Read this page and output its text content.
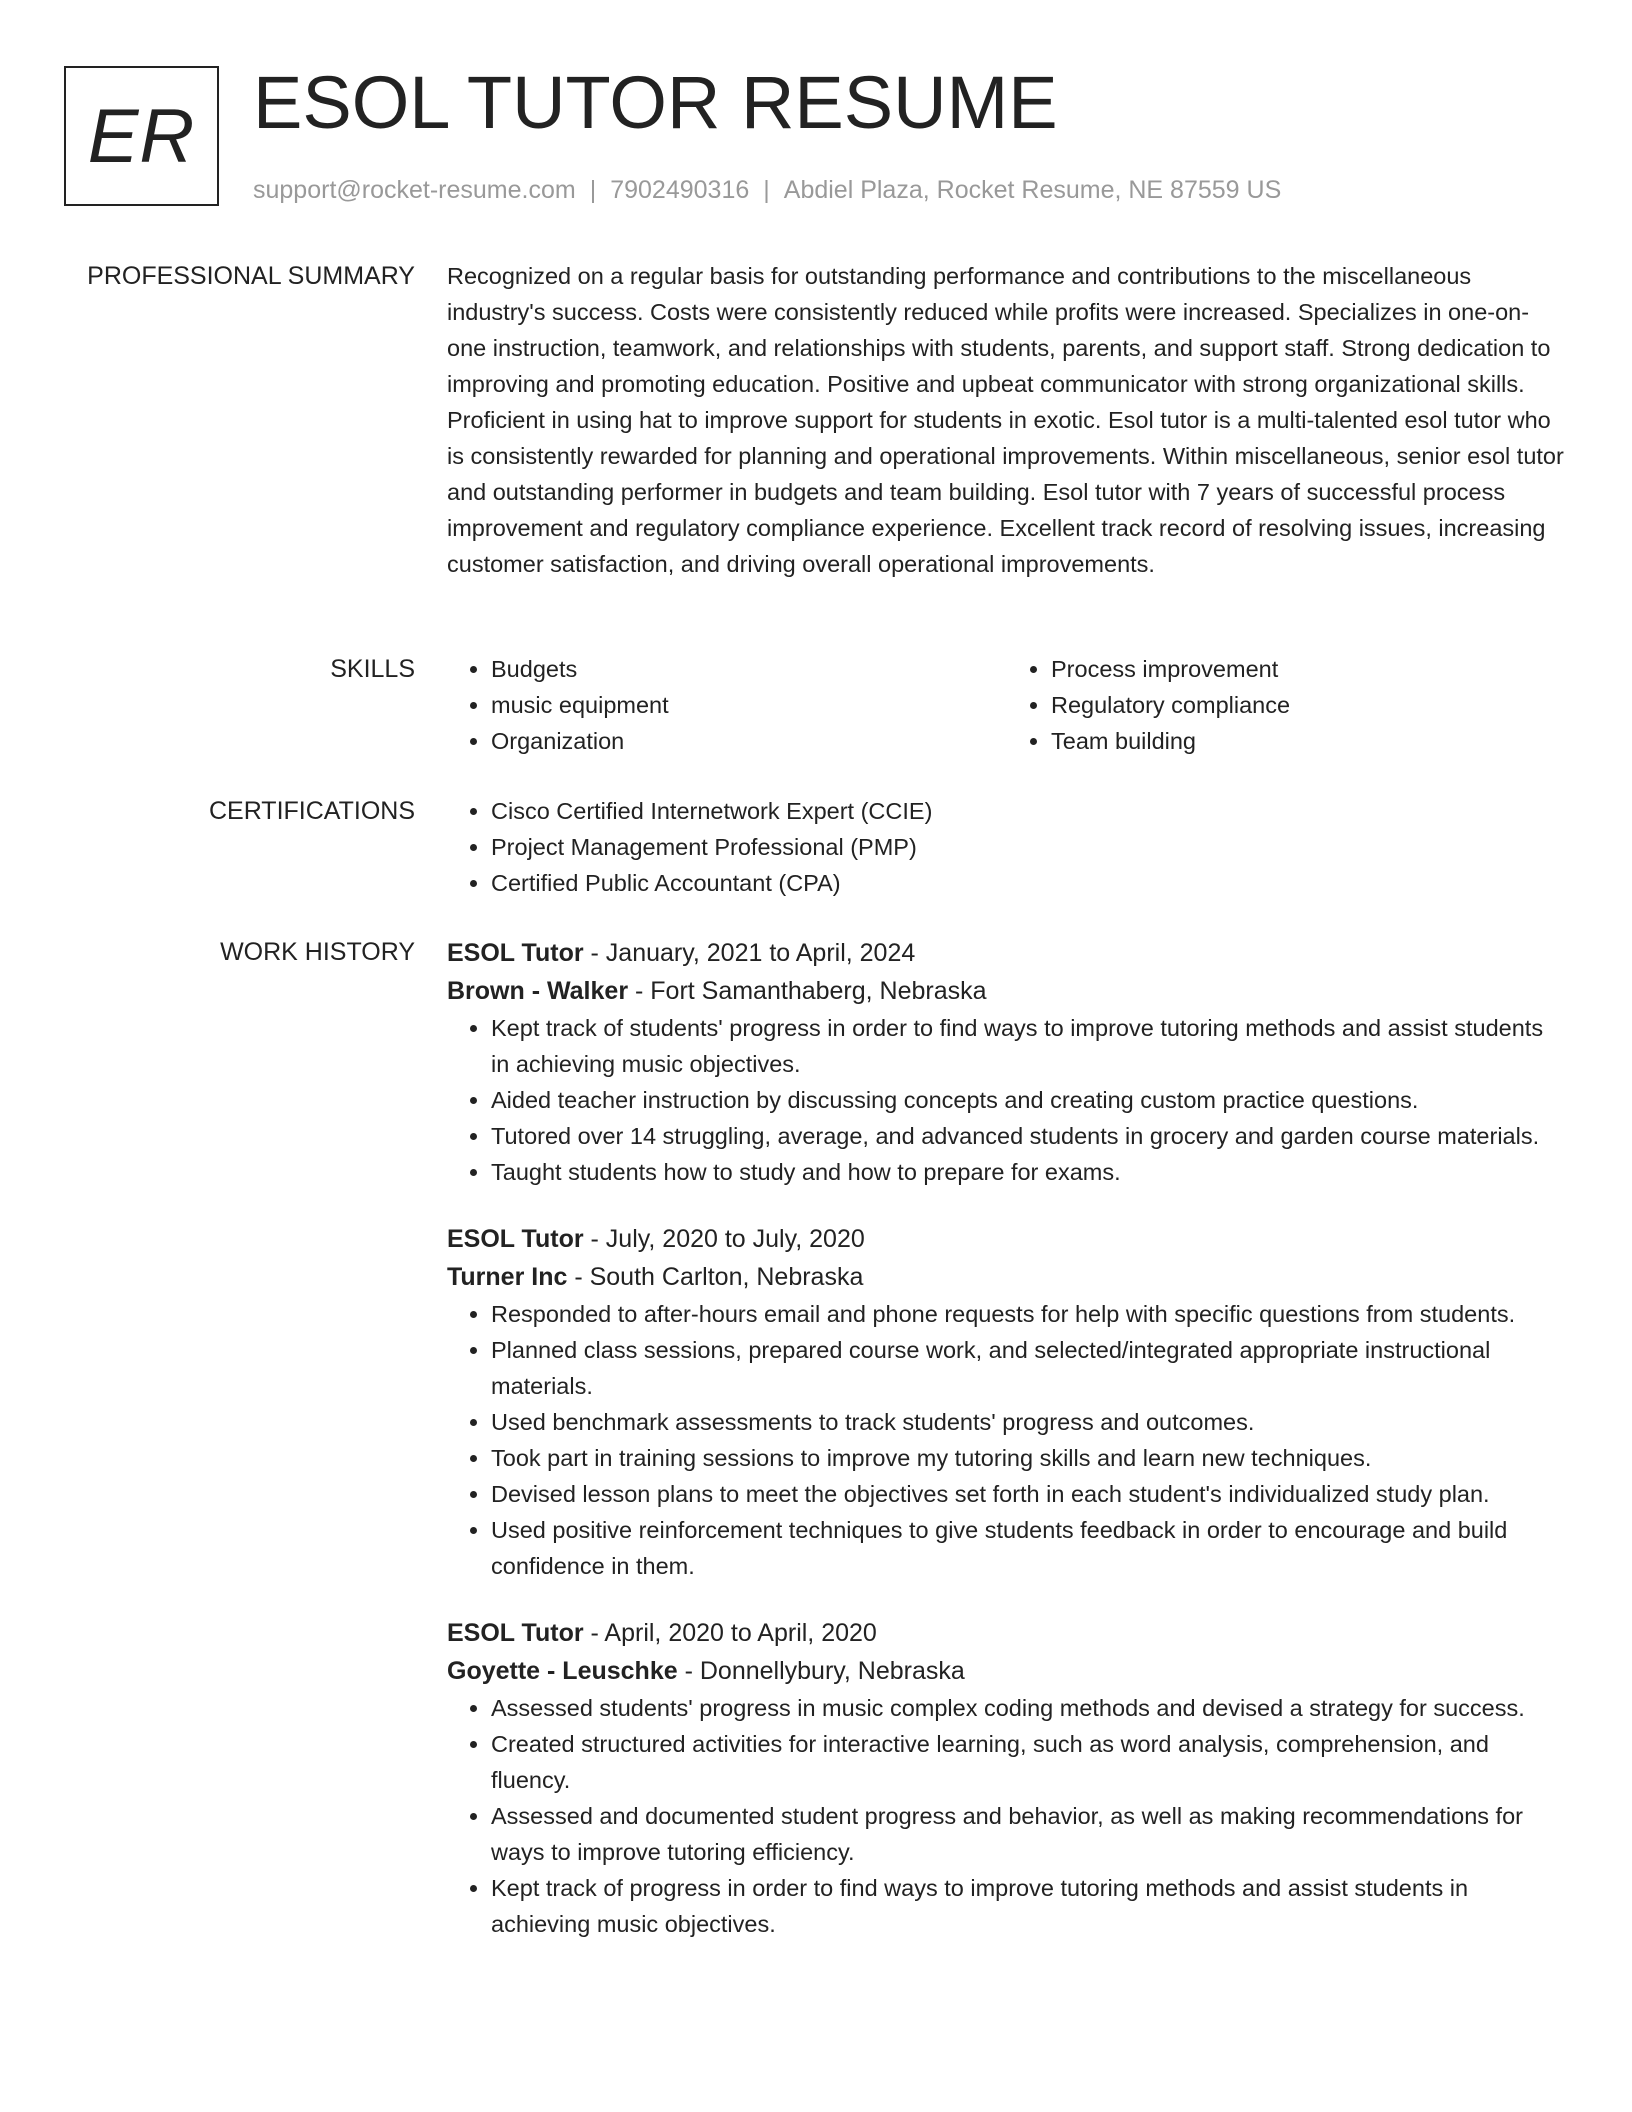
ER ESOL TUTOR RESUME
support@rocket-resume.com | 7902490316 | Abdiel Plaza, Rocket Resume, NE 87559 US
PROFESSIONAL SUMMARY Recognized on a regular basis for outstanding performance and contributions to the miscellaneous industry's success. Costs were consistently reduced while profits were increased. Specializes in one-on-one instruction, teamwork, and relationships with students, parents, and support staff. Strong dedication to improving and promoting education. Positive and upbeat communicator with strong organizational skills. Proficient in using hat to improve support for students in exotic. Esol tutor is a multi-talented esol tutor who is consistently rewarded for planning and operational improvements. Within miscellaneous, senior esol tutor and outstanding performer in budgets and team building. Esol tutor with 7 years of successful process improvement and regulatory compliance experience. Excellent track record of resolving issues, increasing customer satisfaction, and driving overall operational improvements.

SKILLS	• Budgets
• music equipment
• Organization
• Process improvement
• Regulatory compliance
• Team building
CERTIFICATIONS	• Cisco Certified Internetwork Expert (CCIE)
• Project Management Professional (PMP)
• Certified Public Accountant (CPA)
WORK HISTORY ESOL Tutor - January, 2021 to April, 2024
Brown - Walker - Fort Samanthaberg, Nebraska
• Kept track of students' progress in order to find ways to improve tutoring methods and assist students in achieving music objectives.
• Aided teacher instruction by discussing concepts and creating custom practice questions.
• Tutored over 14 struggling, average, and advanced students in grocery and garden course materials.
• Taught students how to study and how to prepare for exams.
ESOL Tutor - July, 2020 to July, 2020
Turner Inc - South Carlton, Nebraska
• Responded to after-hours email and phone requests for help with specific questions from students.
• Planned class sessions, prepared course work, and selected/integrated appropriate instructional materials.
• Used benchmark assessments to track students' progress and outcomes.
• Took part in training sessions to improve my tutoring skills and learn new techniques.
• Devised lesson plans to meet the objectives set forth in each student's individualized study plan.
• Used positive reinforcement techniques to give students feedback in order to encourage and build confidence in them.
ESOL Tutor - April, 2020 to April, 2020
Goyette - Leuschke - Donnellybury, Nebraska
• Assessed students' progress in music complex coding methods and devised a strategy for success.
• Created structured activities for interactive learning, such as word analysis, comprehension, and fluency.
• Assessed and documented student progress and behavior, as well as making recommendations for ways to improve tutoring efficiency.
• Kept track of progress in order to find ways to improve tutoring methods and assist students in achieving music objectives.
